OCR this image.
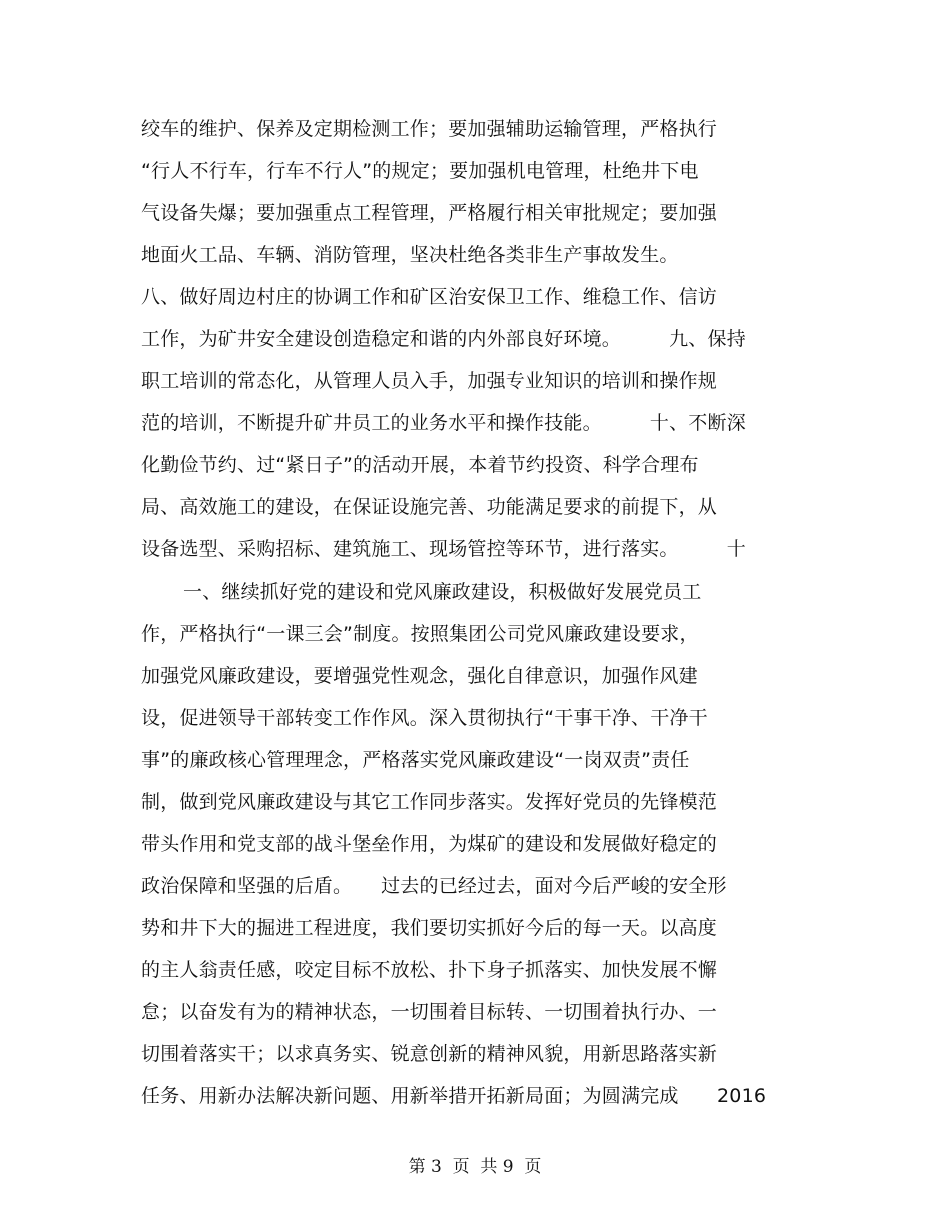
绞车的维护、保养及定期检测工作；要加强辅助运输管理，严格执行
“行人不行车，行车不行人”的规定；要加强机电管理，杜绝井下电
气设备失爆；要加强重点工程管理，严格履行相关审批规定；要加强
地面火工品、车辆、消防管理，坚决杜绝各类非生产事故发生。
八、做好周边村庄的协调工作和矿区治安保卫工作、维稳工作、信访
工作，为矿井安全建设创造稳定和谐的内外部良好环境。　　　九、保持
职工培训的常态化，从管理人员入手，加强专业知识的培训和操作规
范的培训，不断提升矿井员工的业务水平和操作技能。　　　十、不断深
化勤俭节约、过“紧日子”的活动开展，本着节约投资、科学合理布
局、高效施工的建设，在保证设施完善、功能满足要求的前提下，从
设备选型、采购招标、建筑施工、现场管控等环节，进行落实。　　　十
一、继续抓好党的建设和党风廉政建设，积极做好发展党员工
作，严格执行“一课三会”制度。按照集团公司党风廉政建设要求，
加强党风廉政建设，要增强党性观念，强化自律意识，加强作风建
设，促进领导干部转变工作作风。深入贯彻执行“干事干净、干净干
事”的廉政核心管理理念，严格落实党风廉政建设“一岗双责”责任
制，做到党风廉政建设与其它工作同步落实。发挥好党员的先锋模范
带头作用和党支部的战斗堡垒作用，为煤矿的建设和发展做好稳定的
政治保障和坚强的后盾。　　过去的已经过去，面对今后严峻的安全形
势和井下大的掘进工程进度，我们要切实抓好今后的每一天。以高度
的主人翁责任感，咬定目标不放松、扑下身子抓落实、加快发展不懈
怠；以奋发有为的精神状态，一切围着目标转、一切围着执行办、一
切围着落实干；以求真务实、锐意创新的精神风貌，用新思路落实新
任务、用新办法解决新问题、用新举措开拓新局面；为圆满完成　　2016
第 3  页  共 9  页
